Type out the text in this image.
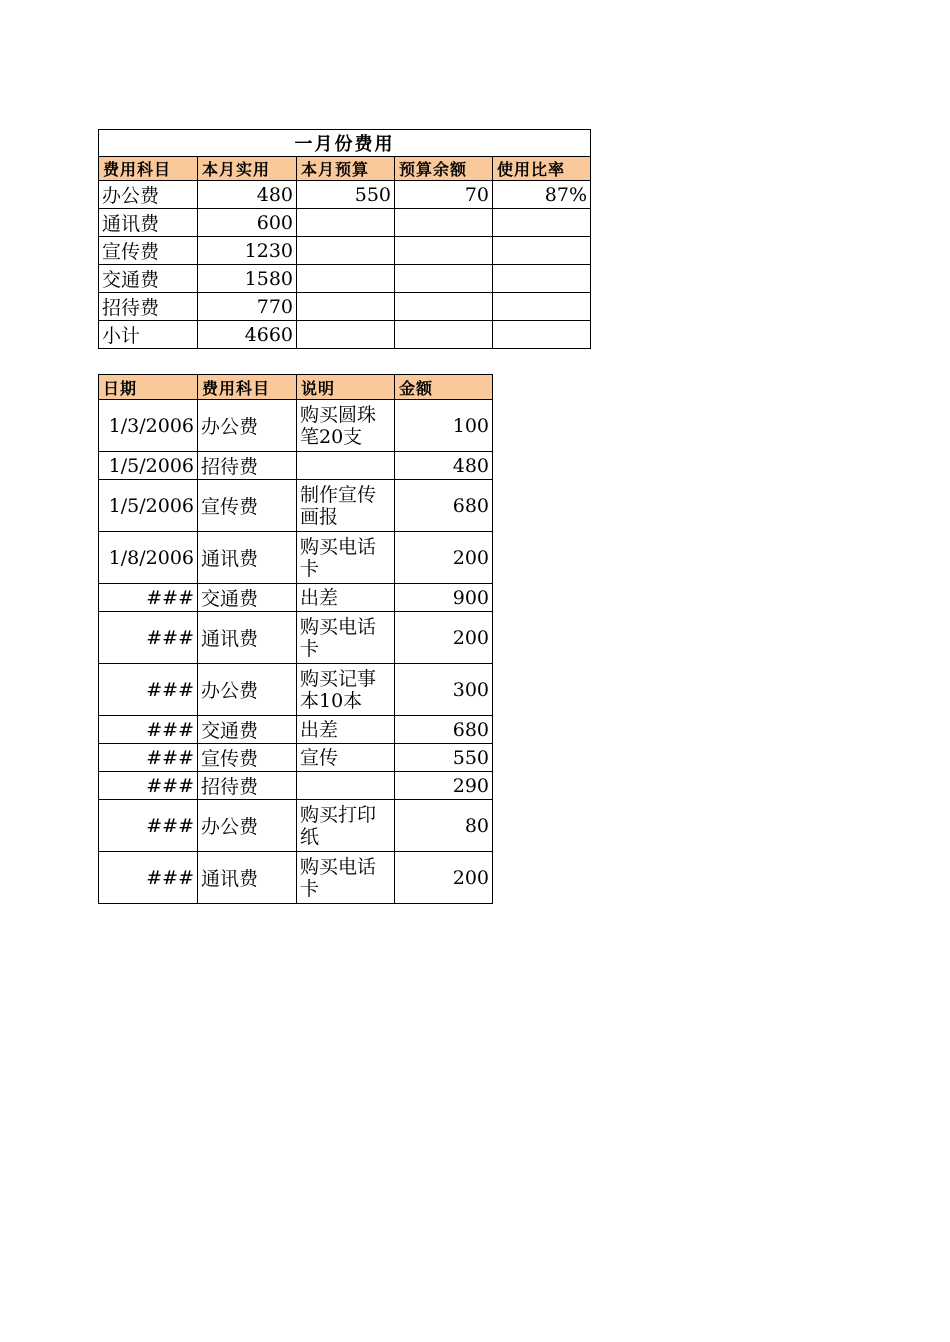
一月份费用				
费用科目	本月实用	本月预算	预算余额	使用比率
办公费	480	550	70	87%
通讯费	600			
宣传费	1230			
交通费	1580			
招待费	770			
小计	4660			
日期	费用科目	说明	金额
1/3/2006	办公费	购买圆珠笔20支	100
1/5/2006	招待费		480
1/5/2006	宣传费	制作宣传画报	680
1/8/2006	通讯费	购买电话卡	200
###	交通费	出差	900
###	通讯费	购买电话卡	200
###	办公费	购买记事本10本	300
###	交通费	出差	680
###	宣传费	宣传	550
###	招待费		290
###	办公费	购买打印纸	80
###	通讯费	购买电话卡	200
